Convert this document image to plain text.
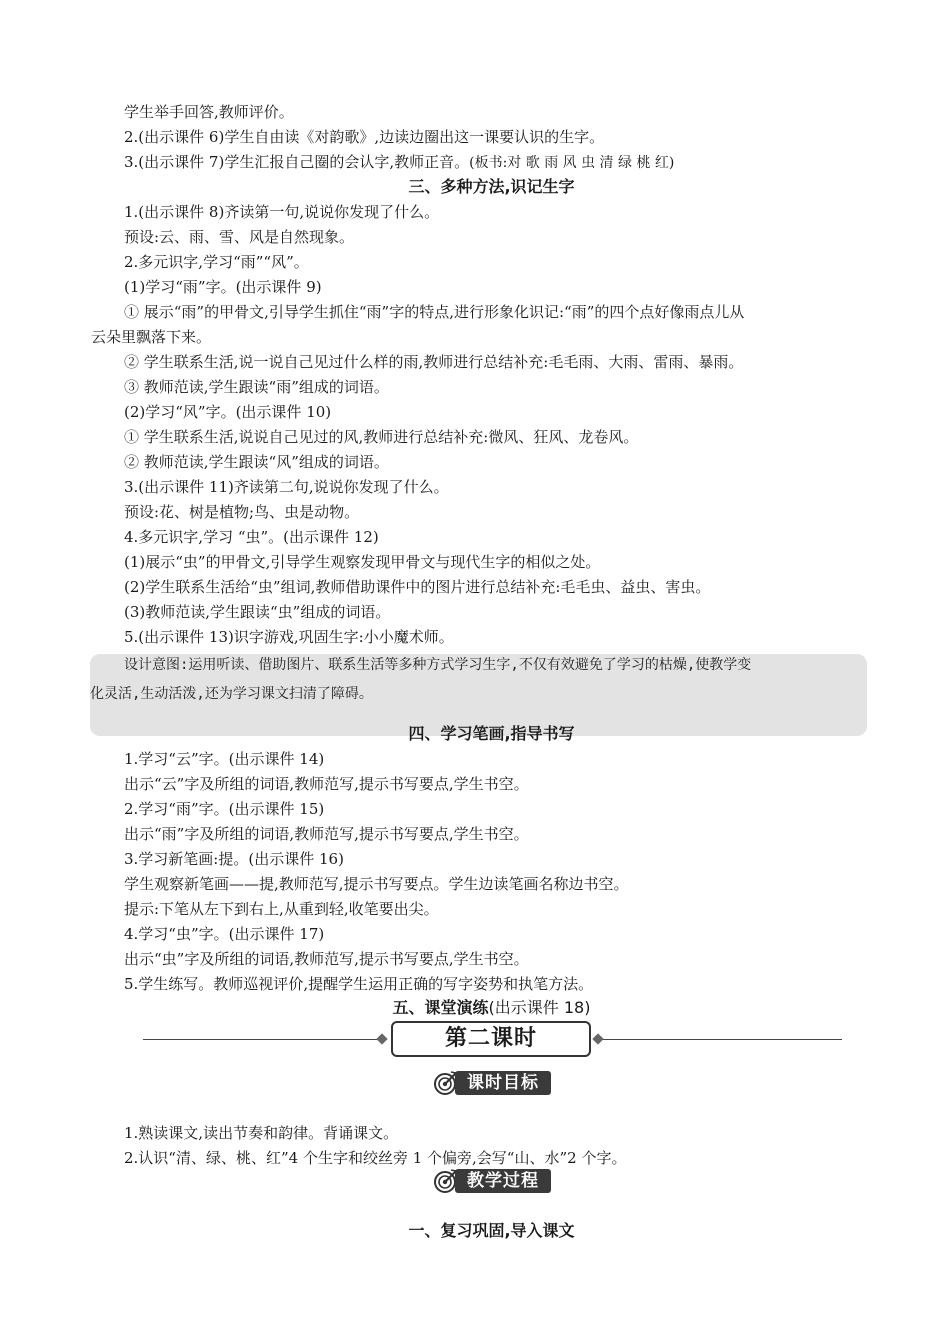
学生举手回答,教师评价。
2.(出示课件 6)学生自由读《对韵歌》,边读边圈出这一课要认识的生字。
3.(出示课件 7)学生汇报自己圈的会认字,教师正音。(板书:对 歌 雨 风 虫 清 绿 桃 红)
三、多种方法,识记生字
1.(出示课件 8)齐读第一句,说说你发现了什么。
预设:云、雨、雪、风是自然现象。
2.多元识字,学习“雨”“风”。
(1)学习“雨”字。(出示课件 9)
① 展示“雨”的甲骨文,引导学生抓住“雨”字的特点,进行形象化识记:“雨”的四个点好像雨点儿从
云朵里飘落下来。
② 学生联系生活,说一说自己见过什么样的雨,教师进行总结补充:毛毛雨、大雨、雷雨、暴雨。
③ 教师范读,学生跟读“雨”组成的词语。
(2)学习“风”字。(出示课件 10)
① 学生联系生活,说说自己见过的风,教师进行总结补充:微风、狂风、龙卷风。
② 教师范读,学生跟读“风”组成的词语。
3.(出示课件 11)齐读第二句,说说你发现了什么。
预设:花、树是植物;鸟、虫是动物。
4.多元识字,学习 “虫”。(出示课件 12)
(1)展示“虫”的甲骨文,引导学生观察发现甲骨文与现代生字的相似之处。
(2)学生联系生活给“虫”组词,教师借助课件中的图片进行总结补充:毛毛虫、益虫、害虫。
(3)教师范读,学生跟读“虫”组成的词语。
5.(出示课件 13)识字游戏,巩固生字:小小魔术师。
设计意图:运用听读、借助图片、联系生活等多种方式学习生字,不仅有效避免了学习的枯燥,使教学变
化灵活,生动活泼,还为学习课文扫清了障碍。
四、学习笔画,指导书写
1.学习“云”字。(出示课件 14)
出示“云”字及所组的词语,教师范写,提示书写要点,学生书空。
2.学习“雨”字。(出示课件 15)
出示“雨”字及所组的词语,教师范写,提示书写要点,学生书空。
3.学习新笔画:提。(出示课件 16)
学生观察新笔画——提,教师范写,提示书写要点。学生边读笔画名称边书空。
提示:下笔从左下到右上,从重到轻,收笔要出尖。
4.学习“虫”字。(出示课件 17)
出示“虫”字及所组的词语,教师范写,提示书写要点,学生书空。
5.学生练写。教师巡视评价,提醒学生运用正确的写字姿势和执笔方法。
五、课堂演练(出示课件 18)
第二课时
课时目标
1.熟读课文,读出节奏和韵律。背诵课文。
2.认识“清、绿、桃、红”4 个生字和绞丝旁 1 个偏旁,会写“山、水”2 个字。
教学过程
一、复习巩固,导入课文
